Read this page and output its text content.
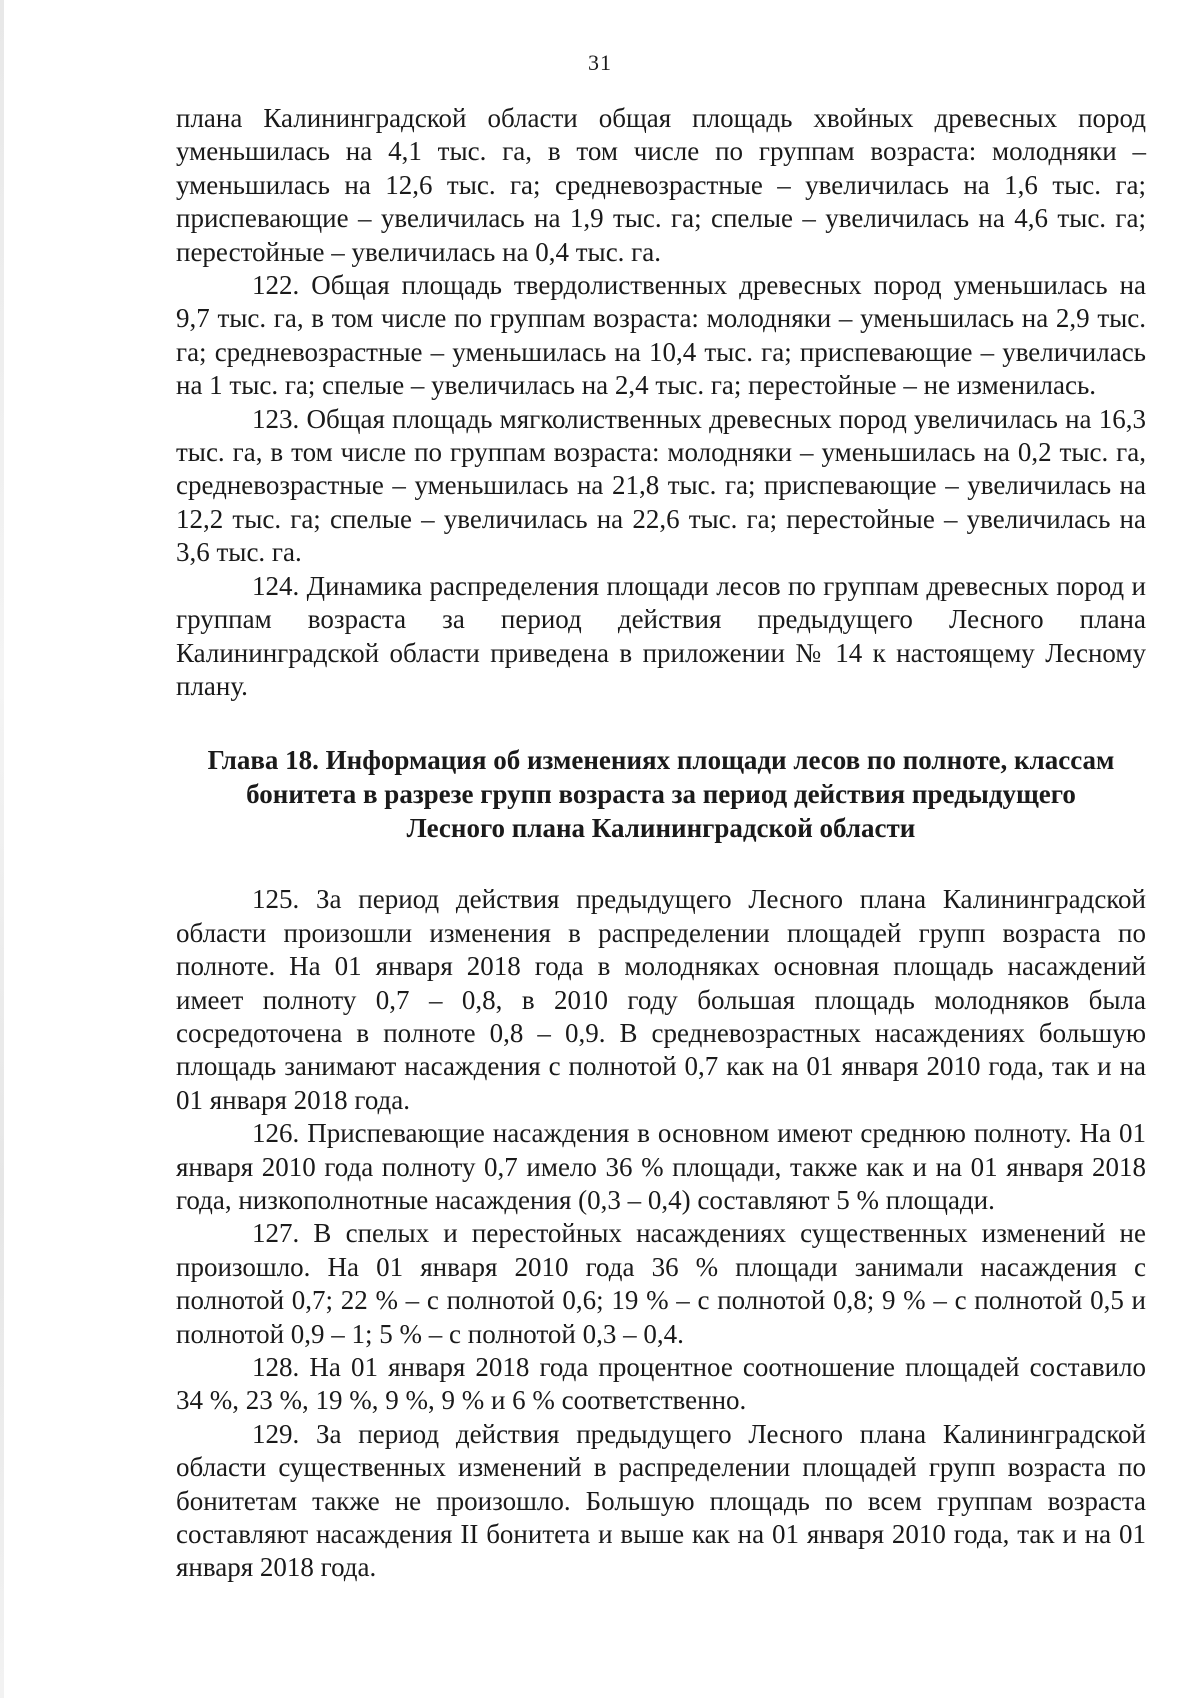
31

плана Калининградской области общая площадь хвойных древесных пород уменьшилась на 4,1 тыс. га, в том числе по группам возраста: молодняки – уменьшилась на 12,6 тыс. га; средневозрастные – увеличилась на 1,6 тыс. га; приспевающие – увеличилась на 1,9 тыс. га; спелые – увеличилась на 4,6 тыс. га; перестойные – увеличилась на 0,4 тыс. га.

122. Общая площадь твердолиственных древесных пород уменьшилась на 9,7 тыс. га, в том числе по группам возраста: молодняки – уменьшилась на 2,9 тыс. га; средневозрастные – уменьшилась на 10,4 тыс. га; приспевающие – увеличилась на 1 тыс. га; спелые – увеличилась на 2,4 тыс. га; перестойные – не изменилась.

123. Общая площадь мягколиственных древесных пород увеличилась на 16,3 тыс. га, в том числе по группам возраста: молодняки – уменьшилась на 0,2 тыс. га, средневозрастные – уменьшилась на 21,8 тыс. га; приспевающие – увеличилась на 12,2 тыс. га; спелые – увеличилась на 22,6 тыс. га; перестойные – увеличилась на 3,6 тыс. га.

124. Динамика распределения площади лесов по группам древесных пород и группам возраста за период действия предыдущего Лесного плана Калининградской области приведена в приложении № 14 к настоящему Лесному плану.

Глава 18. Информация об изменениях площади лесов по полноте, классам бонитета в разрезе групп возраста за период действия предыдущего Лесного плана Калининградской области

125. За период действия предыдущего Лесного плана Калининградской области произошли изменения в распределении площадей групп возраста по полноте. На 01 января 2018 года в молодняках основная площадь насаждений имеет полноту 0,7 – 0,8, в 2010 году большая площадь молодняков была сосредоточена в полноте 0,8 – 0,9. В средневозрастных насаждениях большую площадь занимают насаждения с полнотой 0,7 как на 01 января 2010 года, так и на 01 января 2018 года.

126. Приспевающие насаждения в основном имеют среднюю полноту. На 01 января 2010 года полноту 0,7 имело 36 % площади, также как и на 01 января 2018 года, низкополнотные насаждения (0,3 – 0,4) составляют 5 % площади.

127. В спелых и перестойных насаждениях существенных изменений не произошло. На 01 января 2010 года 36 % площади занимали насаждения с полнотой 0,7; 22 % – с полнотой 0,6; 19 % – с полнотой 0,8; 9 % – с полнотой 0,5 и полнотой 0,9 – 1; 5 % – с полнотой 0,3 – 0,4.

128. На 01 января 2018 года процентное соотношение площадей составило 34 %, 23 %, 19 %, 9 %, 9 % и 6 % соответственно.

129. За период действия предыдущего Лесного плана Калининградской области существенных изменений в распределении площадей групп возраста по бонитетам также не произошло. Большую площадь по всем группам возраста составляют насаждения II бонитета и выше как на 01 января 2010 года, так и на 01 января 2018 года.
